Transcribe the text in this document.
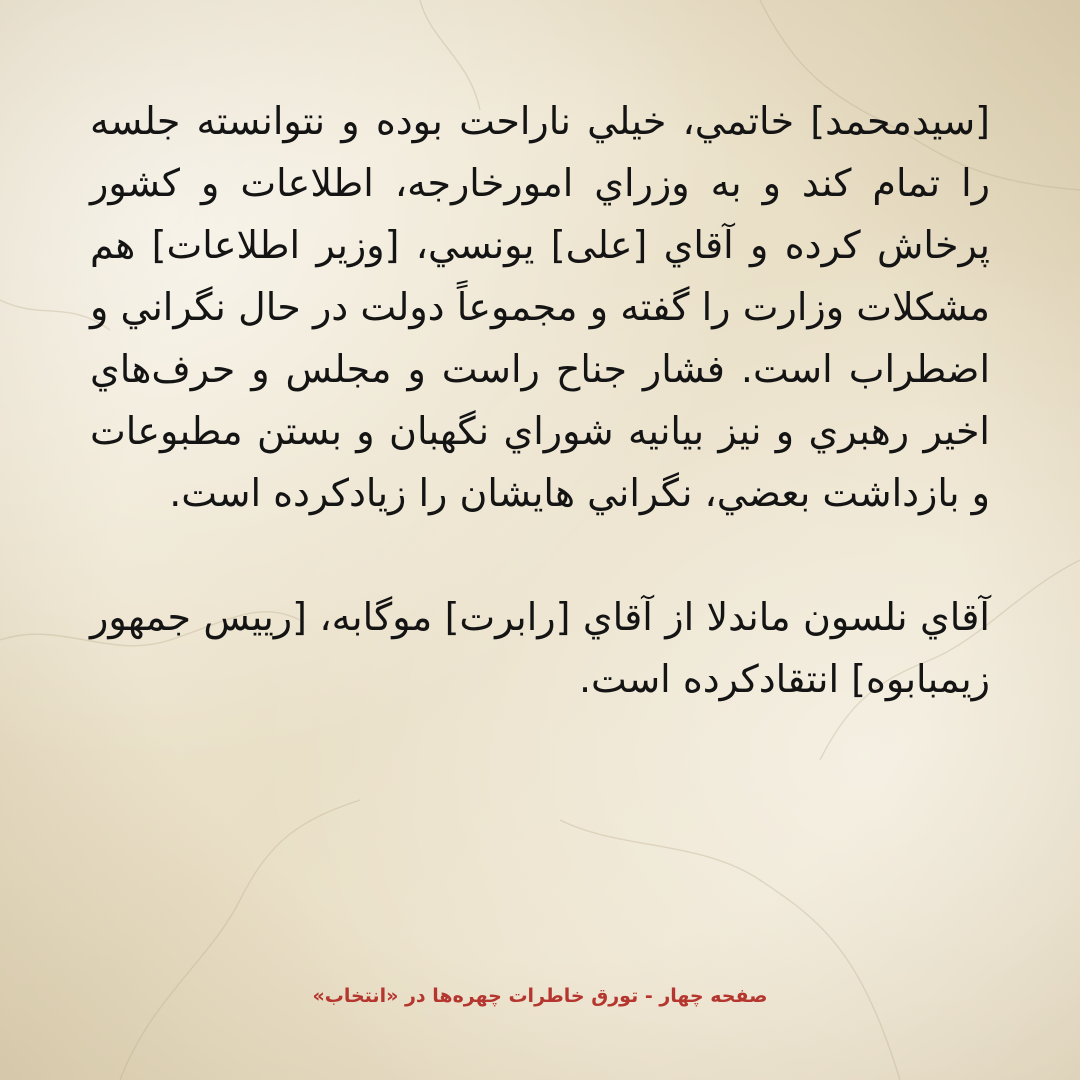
[سیدمحمد] خاتمي، خیلي ناراحت بوده و نتوانسته جلسه را تمام کند و به وزراي امورخارجه، اطلاعات و کشور پرخاش کرده و آقاي [علی] یونسي، [وزیر اطلاعات] هم مشکلات وزارت را گفته و مجموعاً دولت در حال نگراني و اضطراب است. فشار جناح راست و مجلس و حرف‌هاي اخیر رهبري و نیز بیانیه شوراي نگهبان و بستن مطبوعات و بازداشت بعضي، نگراني هایشان را زیادکرده است.

آقاي نلسون ماندلا از آقاي [رابرت] موگابه، [رییس جمهور زیمبابوه] انتقادکرده است.

صفحه چهار - تورق خاطرات چهره‌ها در «انتخاب»
